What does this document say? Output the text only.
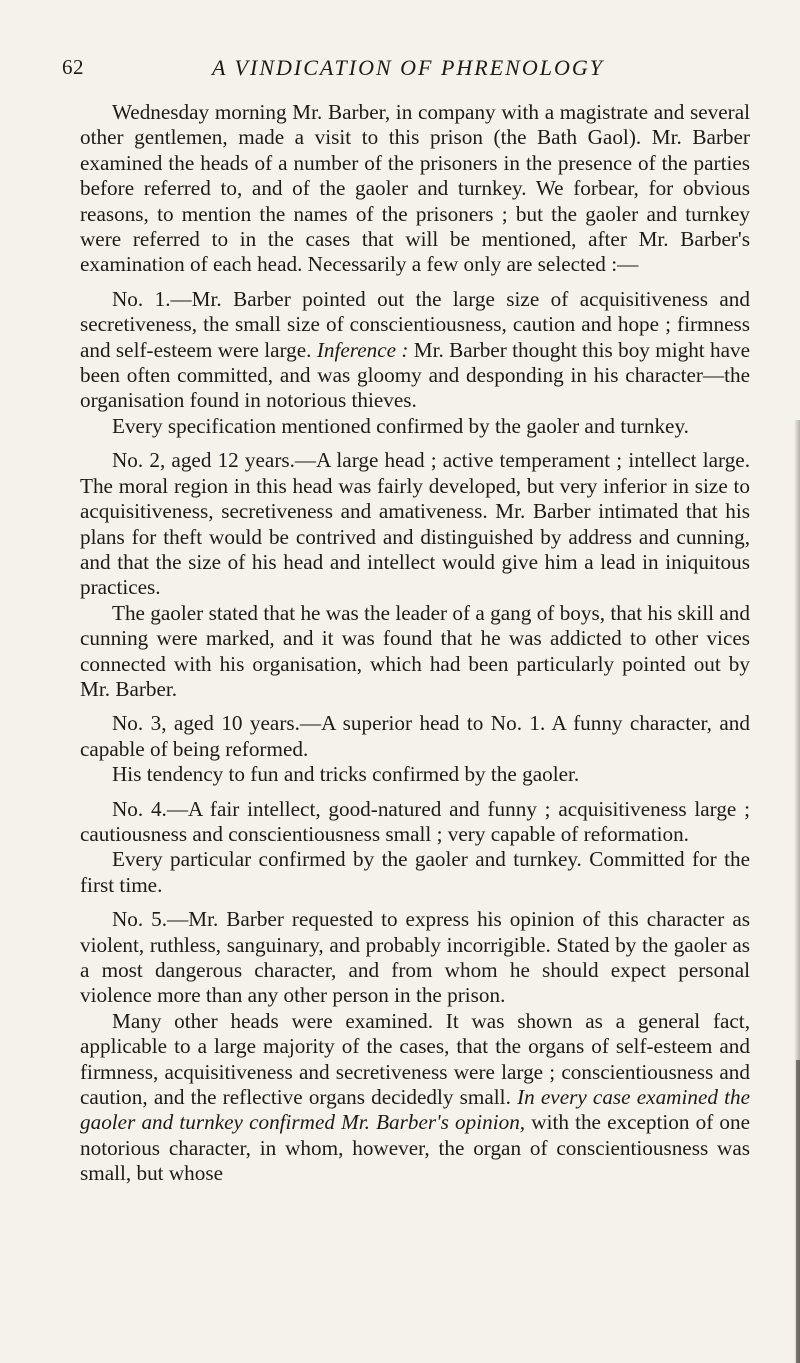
62	A VINDICATION OF PHRENOLOGY

Wednesday morning Mr. Barber, in company with a magistrate and several other gentlemen, made a visit to this prison (the Bath Gaol). Mr. Barber examined the heads of a number of the prisoners in the presence of the parties before referred to, and of the gaoler and turnkey. We forbear, for obvious reasons, to mention the names of the prisoners ; but the gaoler and turnkey were referred to in the cases that will be mentioned, after Mr. Barber's examination of each head. Necessarily a few only are selected :—

No. 1.—Mr. Barber pointed out the large size of acquisitiveness and secretiveness, the small size of conscientiousness, caution and hope ; firmness and self-esteem were large. Inference : Mr. Barber thought this boy might have been often committed, and was gloomy and desponding in his character—the organisation found in notorious thieves.

Every specification mentioned confirmed by the gaoler and turnkey.

No. 2, aged 12 years.—A large head ; active temperament ; intellect large. The moral region in this head was fairly developed, but very inferior in size to acquisitiveness, secretiveness and amativeness. Mr. Barber intimated that his plans for theft would be contrived and distinguished by address and cunning, and that the size of his head and intellect would give him a lead in iniquitous practices.

The gaoler stated that he was the leader of a gang of boys, that his skill and cunning were marked, and it was found that he was addicted to other vices connected with his organisation, which had been particularly pointed out by Mr. Barber.

No. 3, aged 10 years.—A superior head to No. 1. A funny character, and capable of being reformed.

His tendency to fun and tricks confirmed by the gaoler.

No. 4.—A fair intellect, good-natured and funny ; acquisitiveness large ; cautiousness and conscientiousness small ; very capable of reformation.

Every particular confirmed by the gaoler and turnkey. Committed for the first time.

No. 5.—Mr. Barber requested to express his opinion of this character as violent, ruthless, sanguinary, and probably incorrigible. Stated by the gaoler as a most dangerous character, and from whom he should expect personal violence more than any other person in the prison.

Many other heads were examined. It was shown as a general fact, applicable to a large majority of the cases, that the organs of self-esteem and firmness, acquisitiveness and secretiveness were large ; conscientiousness and caution, and the reflective organs decidedly small. In every case examined the gaoler and turnkey confirmed Mr. Barber's opinion, with the exception of one notorious character, in whom, however, the organ of conscientiousness was small, but whose
